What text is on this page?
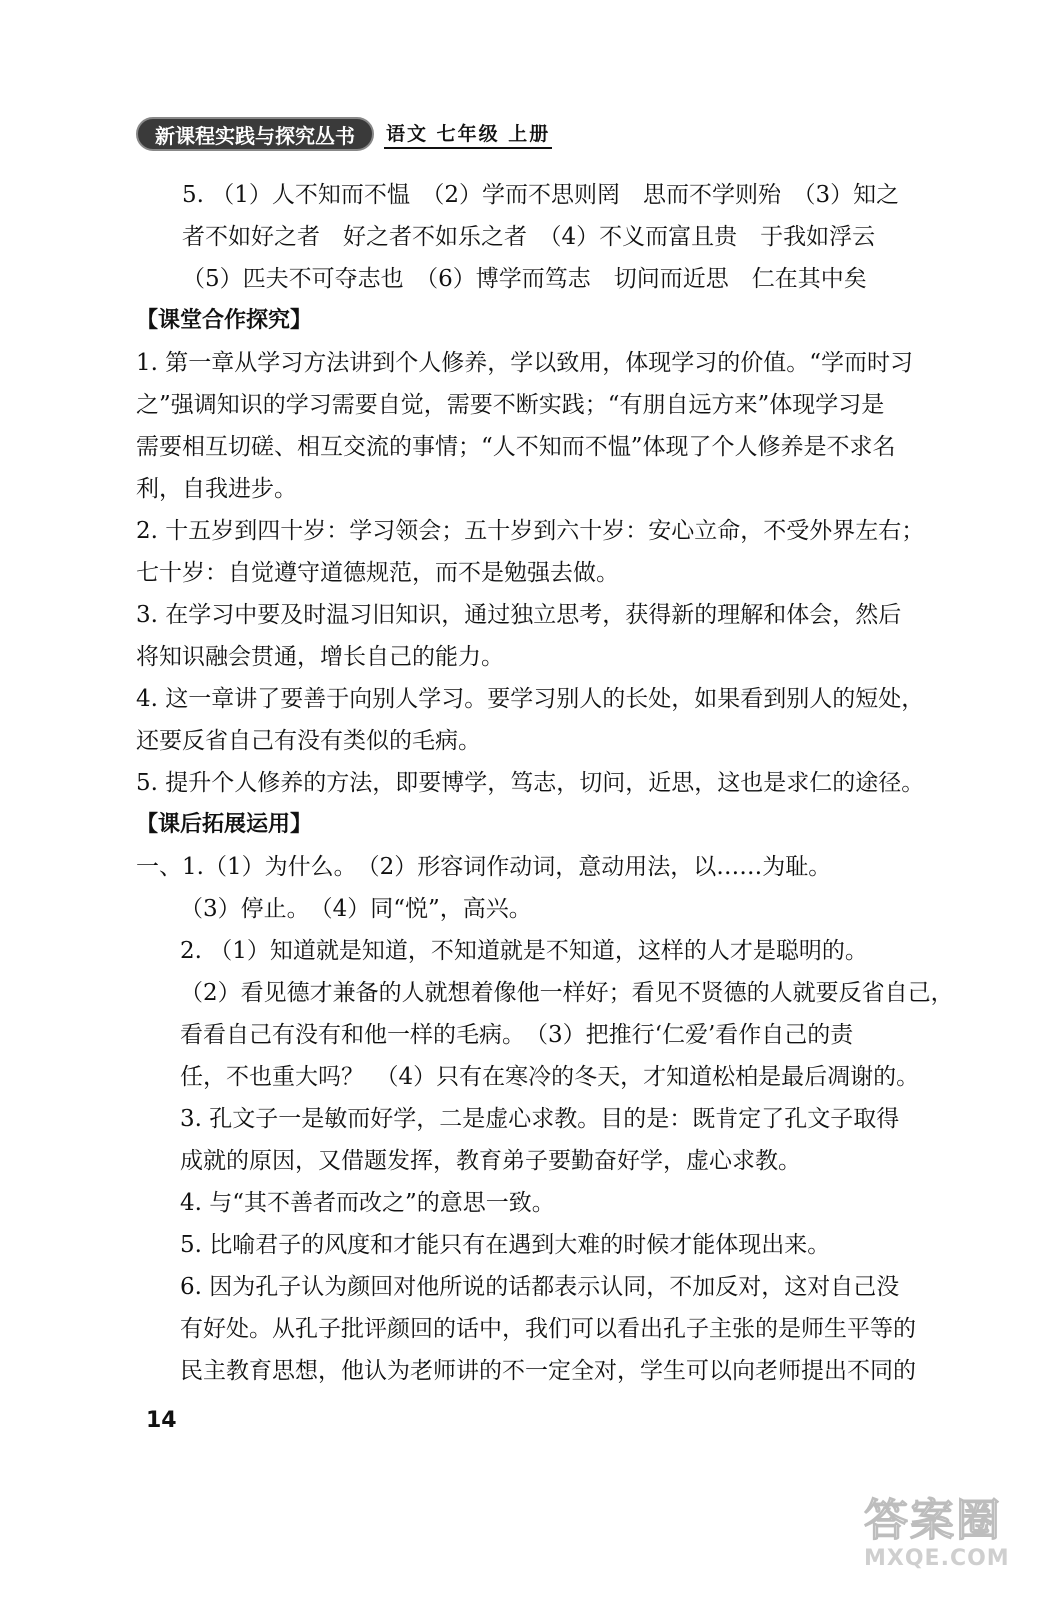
新课程实践与探究丛书	语文 七年级 上册
5. （1）人不知而不愠　（2）学而不思则罔　思而不学则殆　（3）知之
者不如好之者　好之者不如乐之者　（4）不义而富且贵　于我如浮云
（5）匹夫不可夺志也　（6）博学而笃志　切问而近思　仁在其中矣
【课堂合作探究】
1. 第一章从学习方法讲到个人修养，学以致用，体现学习的价值。“学而时习
之”强调知识的学习需要自觉，需要不断实践；“有朋自远方来”体现学习是
需要相互切磋、相互交流的事情；“人不知而不愠”体现了个人修养是不求名
利，自我进步。
2. 十五岁到四十岁：学习领会；五十岁到六十岁：安心立命，不受外界左右；
七十岁：自觉遵守道德规范，而不是勉强去做。
3. 在学习中要及时温习旧知识，通过独立思考，获得新的理解和体会，然后
将知识融会贯通，增长自己的能力。
4. 这一章讲了要善于向别人学习。要学习别人的长处，如果看到别人的短处，
还要反省自己有没有类似的毛病。
5. 提升个人修养的方法，即要博学，笃志，切问，近思，这也是求仁的途径。
【课后拓展运用】
一、1.（1）为什么。　（2）形容词作动词，意动用法，以……为耻。
（3）停止。　（4）同“悦”，高兴。
2. （1）知道就是知道，不知道就是不知道，这样的人才是聪明的。
（2）看见德才兼备的人就想着像他一样好；看见不贤德的人就要反省自己，
看看自己有没有和他一样的毛病。　（3）把推行‘仁爱’看作自己的责
任，不也重大吗？　（4）只有在寒冷的冬天，才知道松柏是最后凋谢的。
3. 孔文子一是敏而好学，二是虚心求教。目的是：既肯定了孔文子取得
成就的原因，又借题发挥，教育弟子要勤奋好学，虚心求教。
4. 与“其不善者而改之”的意思一致。
5. 比喻君子的风度和才能只有在遇到大难的时候才能体现出来。
6. 因为孔子认为颜回对他所说的话都表示认同，不加反对，这对自己没
有好处。从孔子批评颜回的话中，我们可以看出孔子主张的是师生平等的
民主教育思想，他认为老师讲的不一定全对，学生可以向老师提出不同的
14
答案圈
MXQE.COM
